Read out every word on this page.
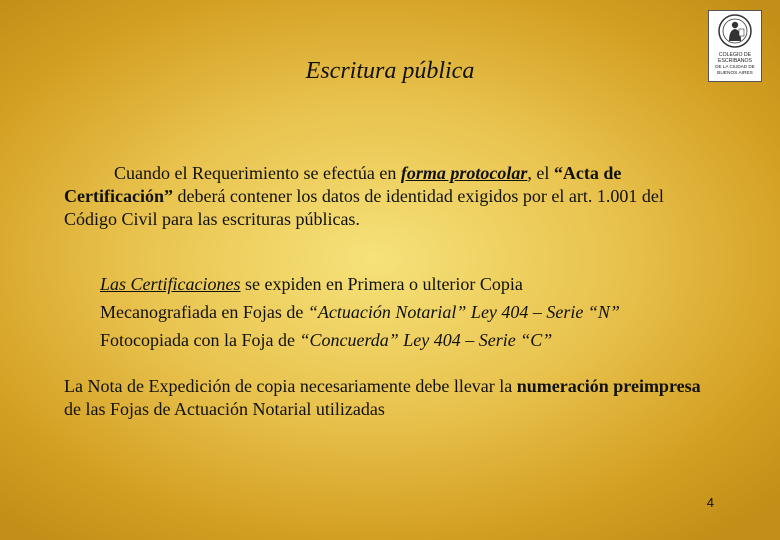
COLEGIO DE
ESCRIBANOS
DE LA CIUDAD DE
BUENOS AIRES
Escritura pública
Cuando el Requerimiento se efectúa en forma protocolar, el “Acta de Certificación” deberá contener los datos de identidad exigidos por el art. 1.001 del Código Civil para las escrituras públicas.
Las Certificaciones se expiden en Primera o ulterior Copia
Mecanografiada en Fojas de “Actuación Notarial” Ley 404 – Serie “N”
Fotocopiada con la Foja de “Concuerda” Ley 404 – Serie “C”
La Nota de Expedición de copia necesariamente debe llevar la numeración preimpresa de las Fojas de Actuación Notarial utilizadas
4
